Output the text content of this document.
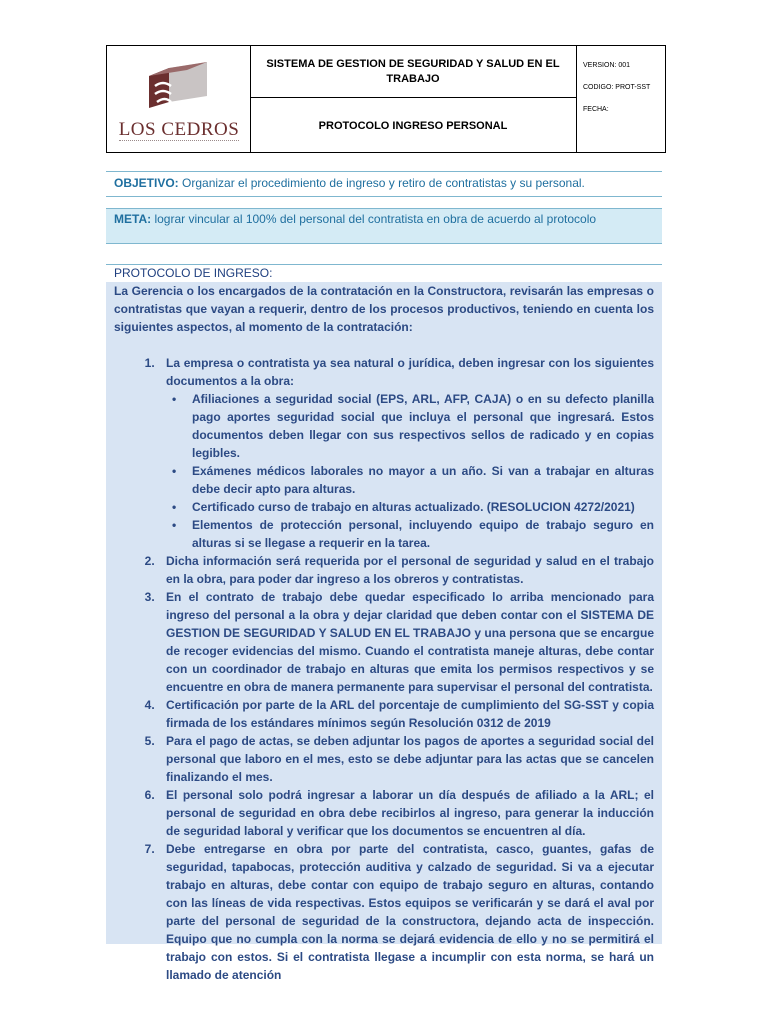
LOS CEDROS
SISTEMA DE GESTION DE SEGURIDAD Y SALUD EN EL TRABAJO
PROTOCOLO INGRESO PERSONAL
VERSION: 001
CODIGO: PROT-SST
FECHA:
OBJETIVO: Organizar el procedimiento de ingreso y retiro de contratistas y su personal.
META: lograr vincular al 100% del personal del contratista en obra de acuerdo al protocolo
PROTOCOLO DE INGRESO:

La Gerencia o los encargados de la contratación en la Constructora, revisarán las empresas o contratistas que vayan a requerir, dentro de los procesos productivos, teniendo en cuenta los siguientes aspectos, al momento de la contratación:

1. La empresa o contratista ya sea natural o jurídica, deben ingresar con los siguientes documentos a la obra:
• Afiliaciones a seguridad social (EPS, ARL, AFP, CAJA) o en su defecto planilla pago aportes seguridad social que incluya el personal que ingresará. Estos documentos deben llegar con sus respectivos sellos de radicado y en copias legibles.
• Exámenes médicos laborales no mayor a un año. Si van a trabajar en alturas debe decir apto para alturas.
• Certificado curso de trabajo en alturas actualizado. (RESOLUCION 4272/2021)
• Elementos de protección personal, incluyendo equipo de trabajo seguro en alturas si se llegase a requerir en la tarea.
2. Dicha información será requerida por el personal de seguridad y salud en el trabajo en la obra, para poder dar ingreso a los obreros y contratistas.
3. En el contrato de trabajo debe quedar especificado lo arriba mencionado para ingreso del personal a la obra y dejar claridad que deben contar con el SISTEMA DE GESTION DE SEGURIDAD Y SALUD EN EL TRABAJO y una persona que se encargue de recoger evidencias del mismo. Cuando el contratista maneje alturas, debe contar con un coordinador de trabajo en alturas que emita los permisos respectivos y se encuentre en obra de manera permanente para supervisar el personal del contratista.
4. Certificación por parte de la ARL del porcentaje de cumplimiento del SG-SST y copia firmada de los estándares mínimos según Resolución 0312 de 2019
5. Para el pago de actas, se deben adjuntar los pagos de aportes a seguridad social del personal que laboro en el mes, esto se debe adjuntar para las actas que se cancelen finalizando el mes.
6. El personal solo podrá ingresar a laborar un día después de afiliado a la ARL; el personal de seguridad en obra debe recibirlos al ingreso, para generar la inducción de seguridad laboral y verificar que los documentos se encuentren al día.
7. Debe entregarse en obra por parte del contratista, casco, guantes, gafas de seguridad, tapabocas, protección auditiva y calzado de seguridad. Si va a ejecutar trabajo en alturas, debe contar con equipo de trabajo seguro en alturas, contando con las líneas de vida respectivas. Estos equipos se verificarán y se dará el aval por parte del personal de seguridad de la constructora, dejando acta de inspección. Equipo que no cumpla con la norma se dejará evidencia de ello y no se permitirá el trabajo con estos. Si el contratista llegase a incumplir con esta norma, se hará un llamado de atención
